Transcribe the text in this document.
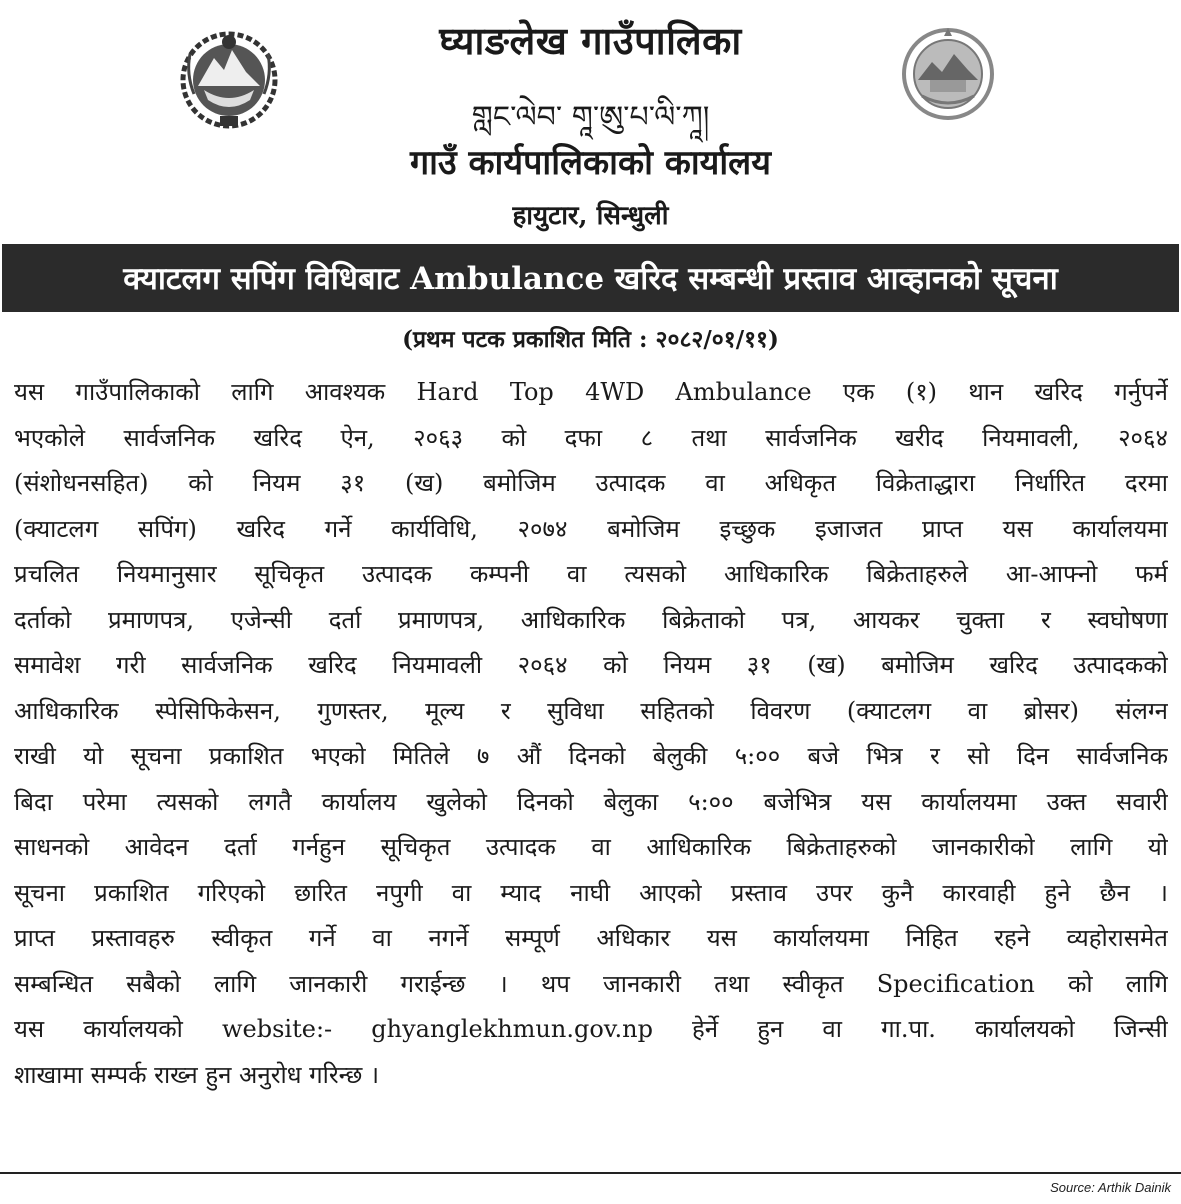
घ्याङलेख गाउँपालिका
གླང་ལེབ་ གཱ་ཨུ་པ་ལི་ཀཱ།
गाउँ कार्यपालिकाको कार्यालय
हायुटार, सिन्धुली
क्याटलग सपिंग विधिबाट Ambulance खरिद सम्बन्धी प्रस्ताव आव्हानको सूचना
(प्रथम पटक प्रकाशित मिति : २०८२/०१/११)
यस गाउँपालिकाको लागि आवश्यक Hard Top 4WD Ambulance एक (१) थान खरिद गर्नुपर्ने
भएकोले सार्वजनिक खरिद ऐन, २०६३ को दफा ८ तथा सार्वजनिक खरीद नियमावली, २०६४
(संशोधनसहित) को नियम ३१ (ख) बमोजिम उत्पादक वा अधिकृत विक्रेताद्धारा निर्धारित दरमा
(क्याटलग सपिंग) खरिद गर्ने कार्यविधि, २०७४ बमोजिम इच्छुक इजाजत प्राप्त यस कार्यालयमा
प्रचलित नियमानुसार सूचिकृत उत्पादक कम्पनी वा त्यसको आधिकारिक बिक्रेताहरुले आ-आफ्नो फर्म
दर्ताको प्रमाणपत्र, एजेन्सी दर्ता प्रमाणपत्र, आधिकारिक बिक्रेताको पत्र, आयकर चुक्ता र स्वघोषणा
समावेश गरी सार्वजनिक खरिद नियमावली २०६४ को नियम ३१ (ख) बमोजिम खरिद उत्पादकको
आधिकारिक स्पेसिफिकेसन, गुणस्तर, मूल्य र सुविधा सहितको विवरण (क्याटलग वा ब्रोसर) संलग्न
राखी यो सूचना प्रकाशित भएको मितिले ७ औं दिनको बेलुकी ५:०० बजे भित्र र सो दिन सार्वजनिक
बिदा परेमा त्यसको लगतै कार्यालय खुलेको दिनको बेलुका ५:०० बजेभित्र यस कार्यालयमा उक्त सवारी
साधनको आवेदन दर्ता गर्नहुन सूचिकृत उत्पादक वा आधिकारिक बिक्रेताहरुको जानकारीको लागि यो
सूचना प्रकाशित गरिएको छारित नपुगी वा म्याद नाघी आएको प्रस्ताव उपर कुनै कारवाही हुने छैन ।
प्राप्त प्रस्तावहरु स्वीकृत गर्ने वा नगर्ने सम्पूर्ण अधिकार यस कार्यालयमा निहित रहने व्यहोरासमेत
सम्बन्धित सबैको लागि जानकारी गराईन्छ । थप जानकारी तथा स्वीकृत Specification को लागि
यस कार्यालयको website:- ghyanglekhmun.gov.np हेर्ने हुन वा गा.पा. कार्यालयको जिन्सी
शाखामा सम्पर्क राख्न हुन अनुरोध गरिन्छ ।
Source: Arthik Dainik
